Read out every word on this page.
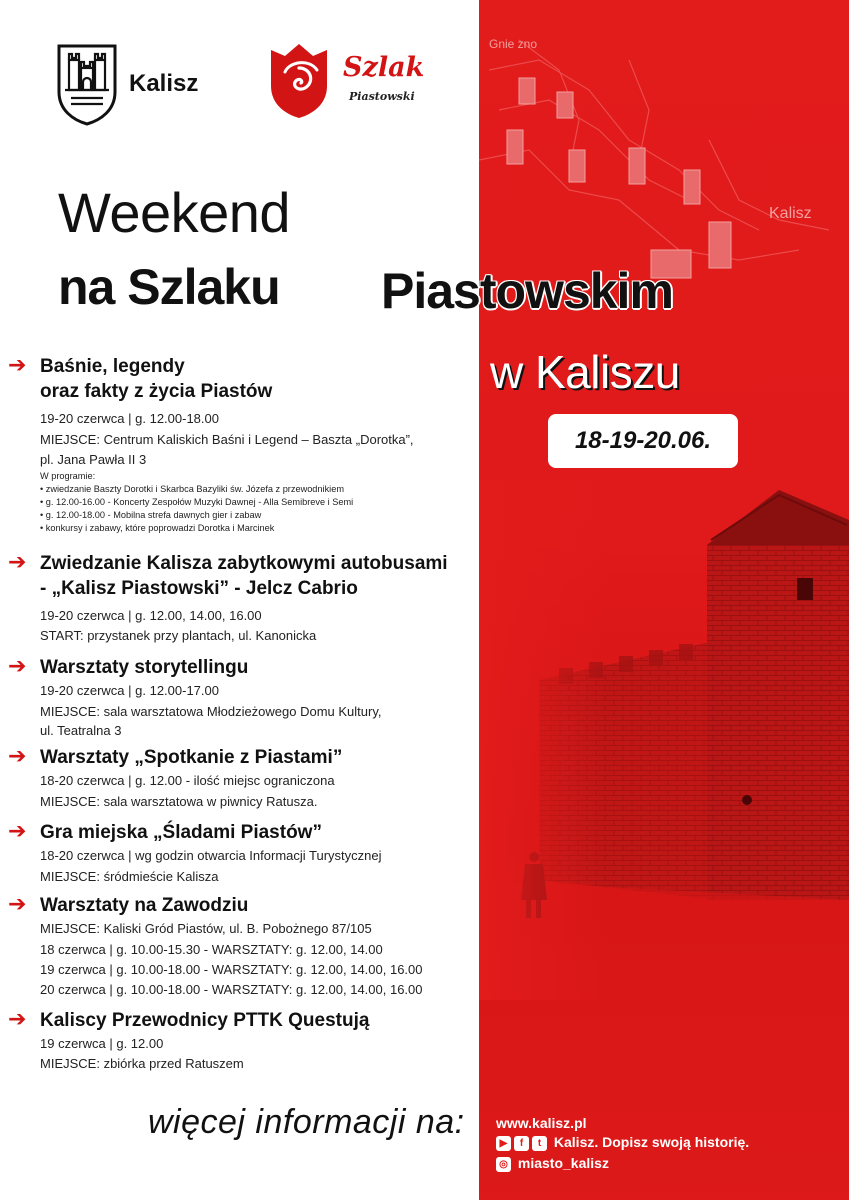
Gnie zno
Kalisz
Kalisz
Szlak
Piastowski
Weekend
na Szlaku Piastowskim
w Kaliszu
18-19-20.06.
➔ Baśnie, legendy
oraz fakty z życia Piastów
19-20 czerwca | g. 12.00-18.00
MIEJSCE: Centrum Kaliskich Baśni i Legend – Baszta „Dorotka”,
pl. Jana Pawła II 3
W programie:
• zwiedzanie Baszty Dorotki i Skarbca Bazyliki św. Józefa z przewodnikiem
• g. 12.00-16.00 - Koncerty Zespołów Muzyki Dawnej - Alla Semibreve i Semi
• g. 12.00-18.00 - Mobilna strefa dawnych gier i zabaw
• konkursy i zabawy, które poprowadzi Dorotka i Marcinek
➔ Zwiedzanie Kalisza zabytkowymi autobusami
- „Kalisz Piastowski” - Jelcz Cabrio
19-20 czerwca | g. 12.00, 14.00, 16.00
START: przystanek przy plantach, ul. Kanonicka
➔ Warsztaty storytellingu
19-20 czerwca | g. 12.00-17.00
MIEJSCE: sala warsztatowa Młodzieżowego Domu Kultury,
ul. Teatralna 3
➔ Warsztaty „Spotkanie z Piastami”
18-20 czerwca | g. 12.00 - ilość miejsc ograniczona
MIEJSCE: sala warsztatowa w piwnicy Ratusza.
➔ Gra miejska „Śladami Piastów”
18-20 czerwca | wg godzin otwarcia Informacji Turystycznej
MIEJSCE: śródmieście Kalisza
➔ Warsztaty na Zawodziu
MIEJSCE: Kaliski Gród Piastów, ul. B. Pobożnego 87/105
18 czerwca | g. 10.00-15.30 - WARSZTATY: g. 12.00, 14.00
19 czerwca | g. 10.00-18.00 - WARSZTATY: g. 12.00, 14.00, 16.00
20 czerwca | g. 10.00-18.00 - WARSZTATY: g. 12.00, 14.00, 16.00
➔ Kaliscy Przewodnicy PTTK Questują
19 czerwca | g. 12.00
MIEJSCE: zbiórka przed Ratuszem
więcej informacji na: www.kalisz.pl
▶	f	t Kalisz. Dopisz swoją historię.
◎ miasto_kalisz
